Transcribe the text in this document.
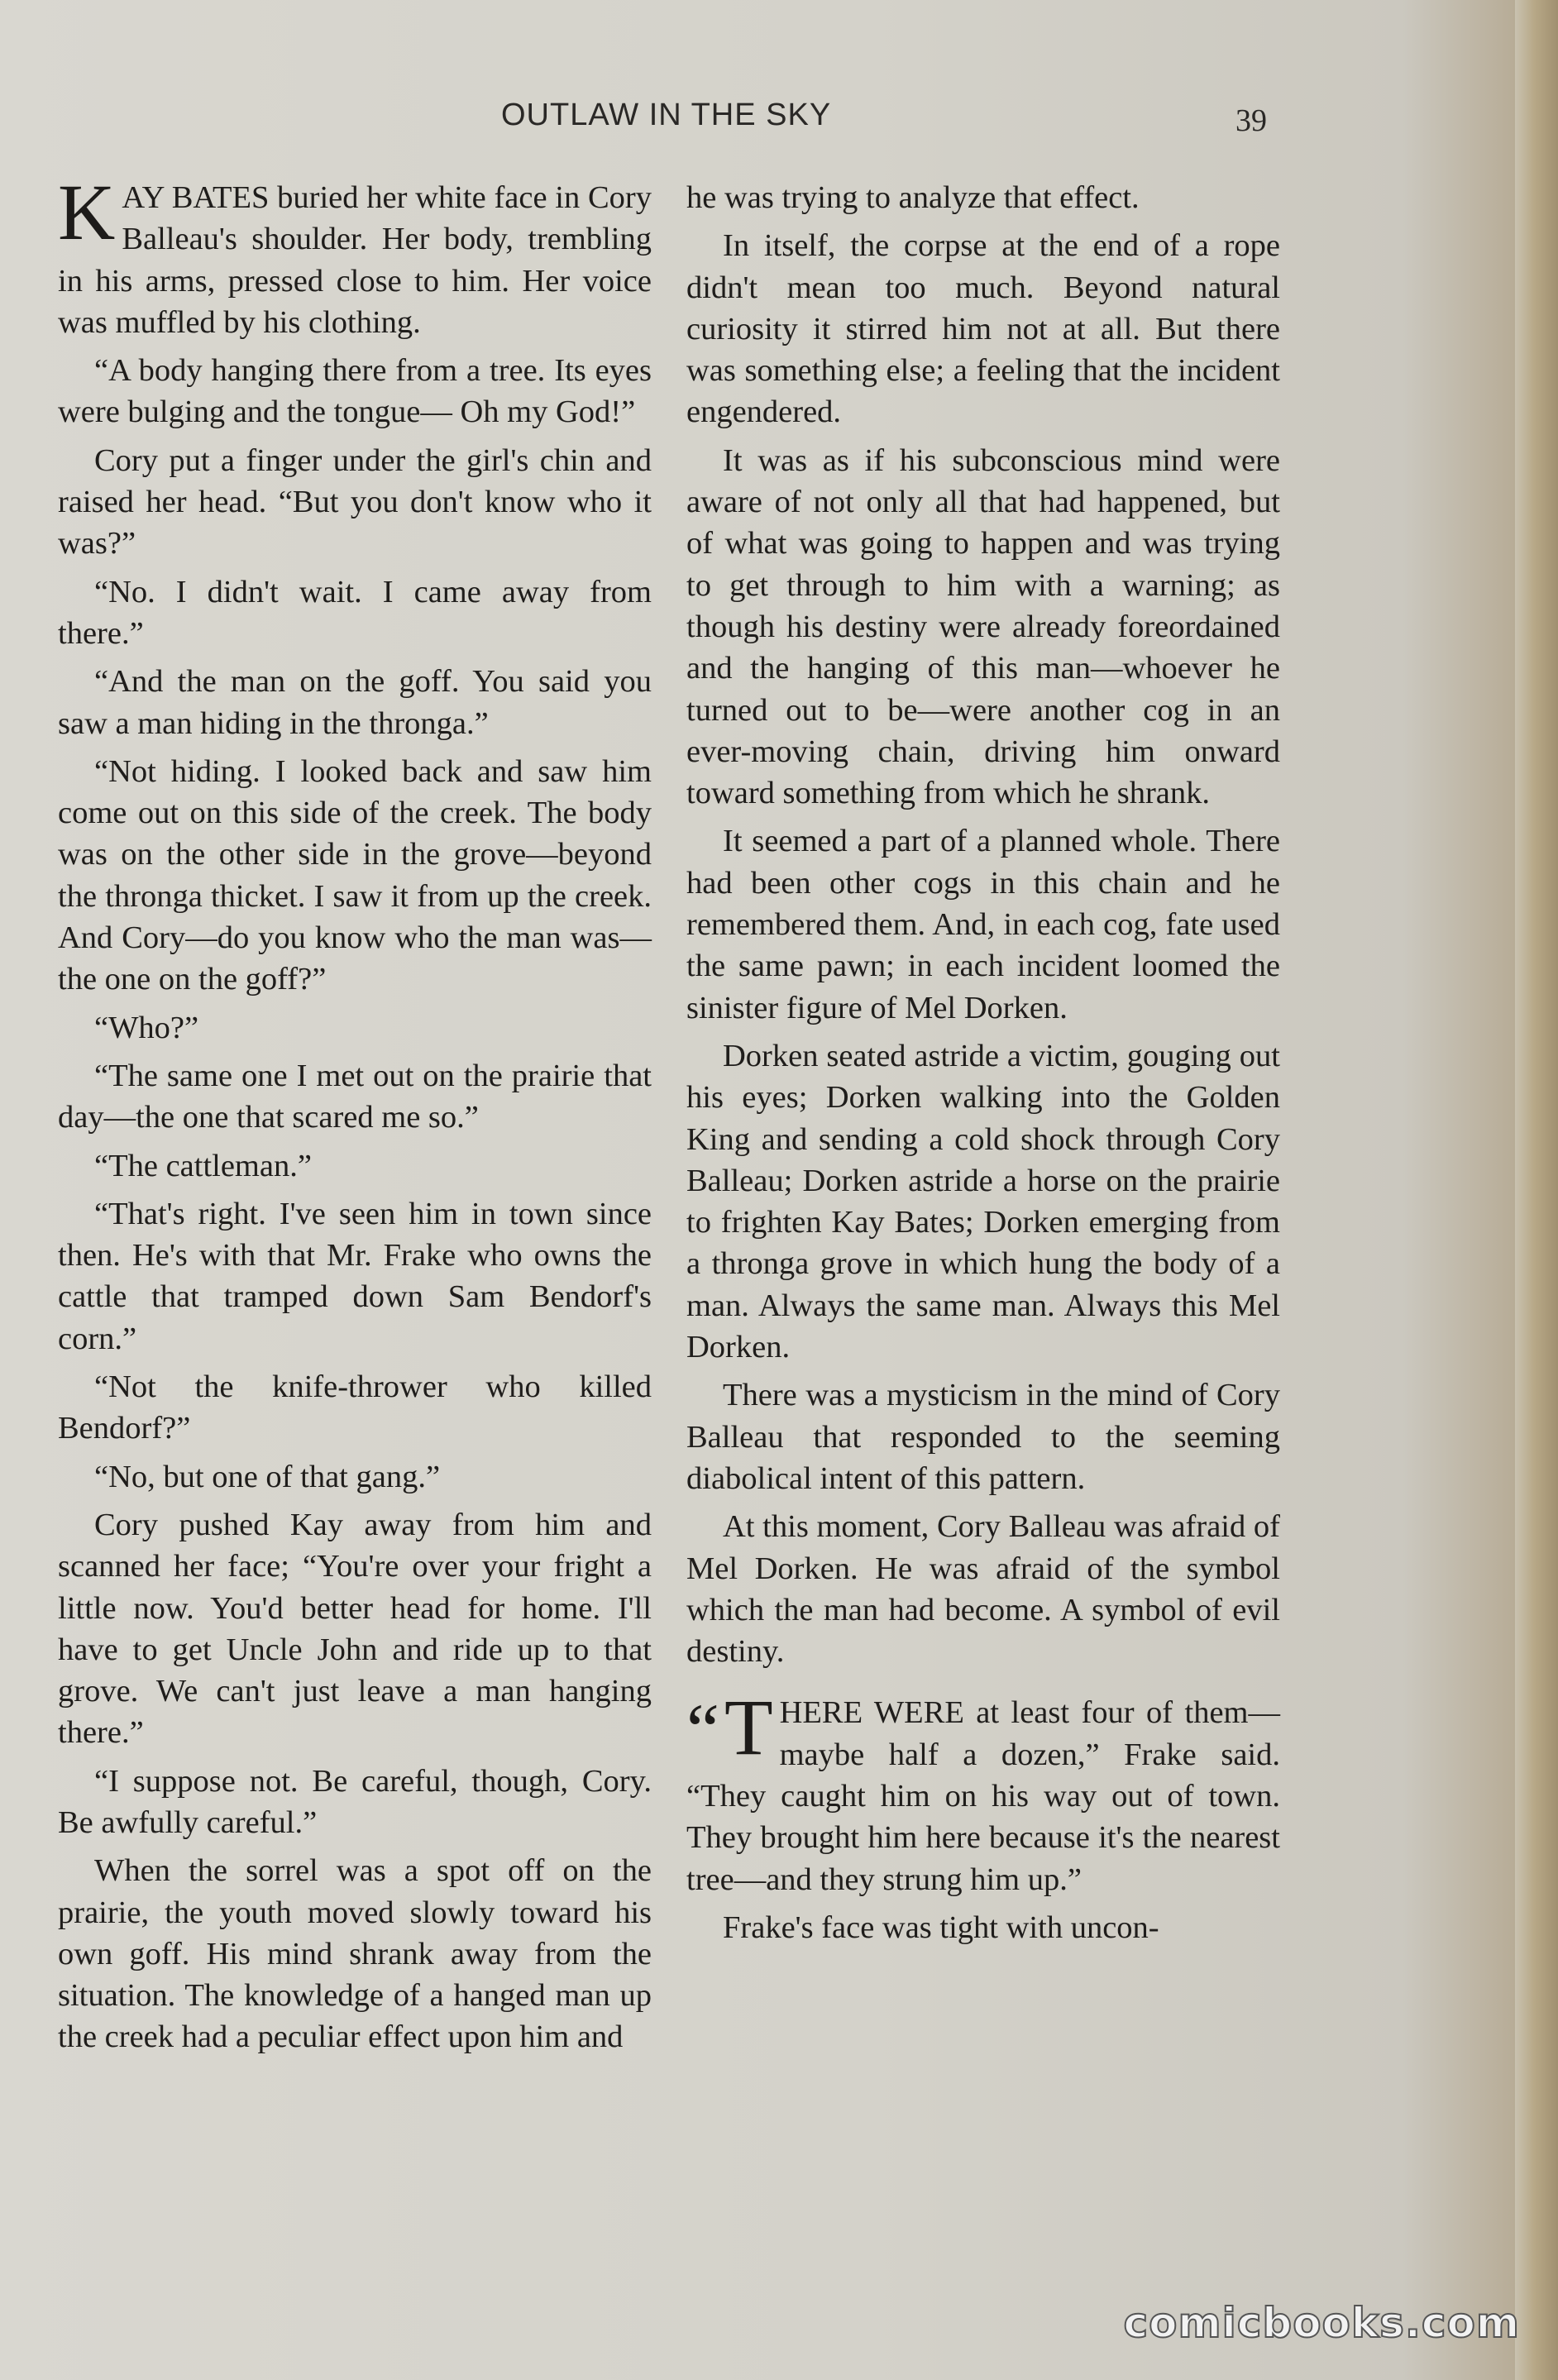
OUTLAW IN THE SKY	39

KAY BATES buried her white face in Cory Balleau's shoulder. Her body, trembling in his arms, pressed close to him. Her voice was muffled by his clothing.

“A body hanging there from a tree. Its eyes were bulging and the tongue— Oh my God!”

Cory put a finger under the girl's chin and raised her head. “But you don't know who it was?”

“No. I didn't wait. I came away from there.”

“And the man on the goff. You said you saw a man hiding in the thronga.”

“Not hiding. I looked back and saw him come out on this side of the creek. The body was on the other side in the grove—beyond the thronga thicket. I saw it from up the creek. And Cory—do you know who the man was—the one on the goff?”

“Who?”

“The same one I met out on the prairie that day—the one that scared me so.”

“The cattleman.”

“That's right. I've seen him in town since then. He's with that Mr. Frake who owns the cattle that tramped down Sam Bendorf's corn.”

“Not the knife-thrower who killed Bendorf?”

“No, but one of that gang.”

Cory pushed Kay away from him and scanned her face; “You're over your fright a little now. You'd better head for home. I'll have to get Uncle John and ride up to that grove. We can't just leave a man hanging there.”

“I suppose not. Be careful, though, Cory. Be awfully careful.”

When the sorrel was a spot off on the prairie, the youth moved slowly toward his own goff. His mind shrank away from the situation. The knowledge of a hanged man up the creek had a peculiar effect upon him and

he was trying to analyze that effect.

In itself, the corpse at the end of a rope didn't mean too much. Beyond natural curiosity it stirred him not at all. But there was something else; a feeling that the incident engendered.

It was as if his subconscious mind were aware of not only all that had happened, but of what was going to happen and was trying to get through to him with a warning; as though his destiny were already foreordained and the hanging of this man—whoever he turned out to be—were another cog in an ever-moving chain, driving him onward toward something from which he shrank.

It seemed a part of a planned whole. There had been other cogs in this chain and he remembered them. And, in each cog, fate used the same pawn; in each incident loomed the sinister figure of Mel Dorken.

Dorken seated astride a victim, gouging out his eyes; Dorken walking into the Golden King and sending a cold shock through Cory Balleau; Dorken astride a horse on the prairie to frighten Kay Bates; Dorken emerging from a thronga grove in which hung the body of a man. Always the same man. Always this Mel Dorken.

There was a mysticism in the mind of Cory Balleau that responded to the seeming diabolical intent of this pattern.

At this moment, Cory Balleau was afraid of Mel Dorken. He was afraid of the symbol which the man had become. A symbol of evil destiny.

“ T HERE WERE at least four of them—maybe half a dozen,” Frake said. “They caught him on his way out of town. They brought him here because it's the nearest tree—and they strung him up.”

Frake's face was tight with uncon-

comicbooks.com
